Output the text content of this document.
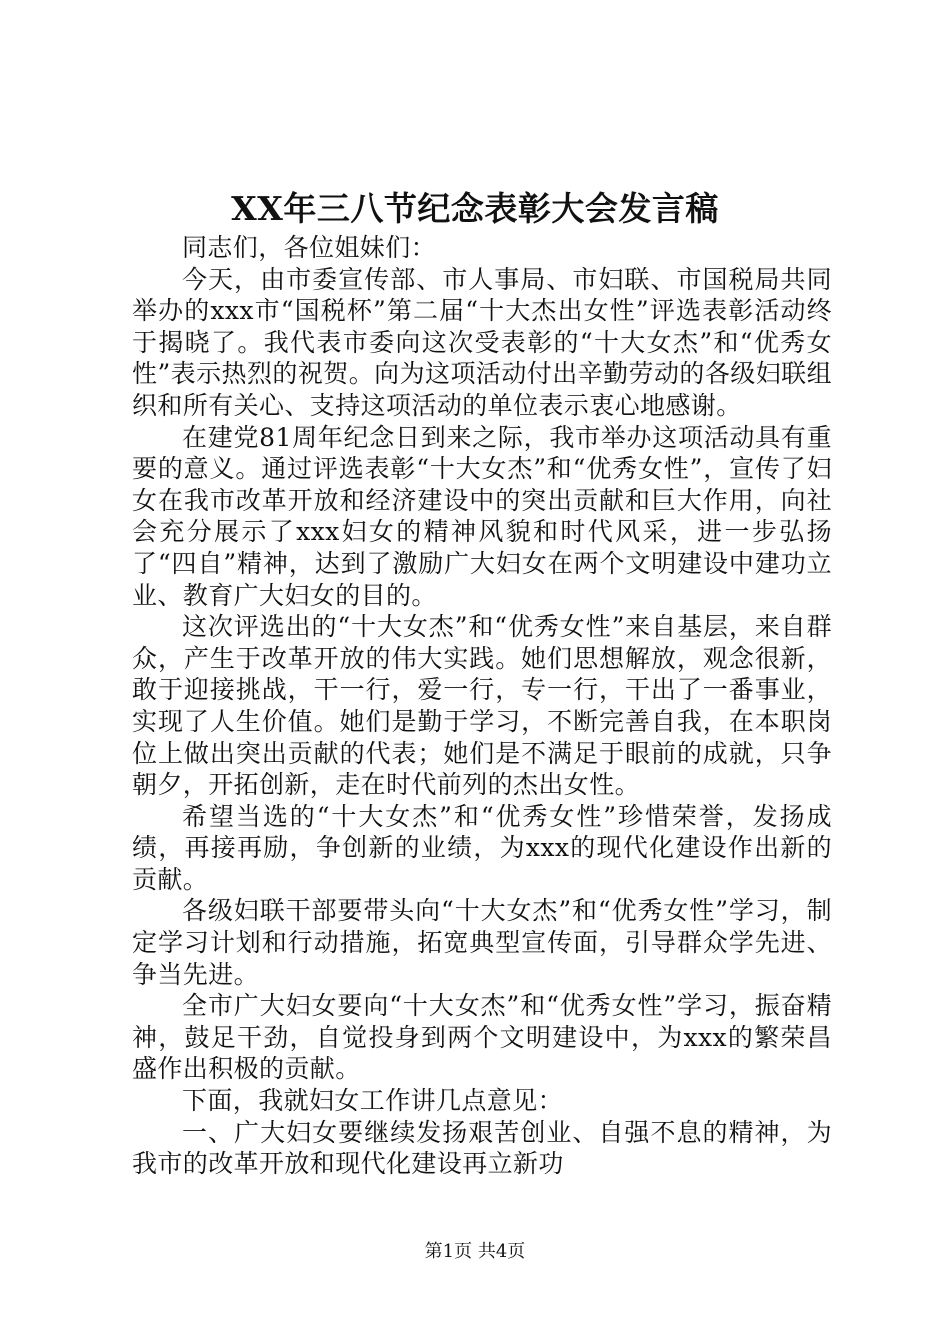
XX年三八节纪念表彰大会发言稿

同志们，各位姐妹们：

今天，由市委宣传部、市人事局、市妇联、市国税局共同举办的xxx市“国税杯”第二届“十大杰出女性”评选表彰活动终于揭晓了。我代表市委向这次受表彰的“十大女杰”和“优秀女性”表示热烈的祝贺。向为这项活动付出辛勤劳动的各级妇联组织和所有关心、支持这项活动的单位表示衷心地感谢。

在建党81周年纪念日到来之际，我市举办这项活动具有重要的意义。通过评选表彰“十大女杰”和“优秀女性”，宣传了妇女在我市改革开放和经济建设中的突出贡献和巨大作用，向社会充分展示了xxx妇女的精神风貌和时代风采，进一步弘扬了“四自”精神，达到了激励广大妇女在两个文明建设中建功立业、教育广大妇女的目的。

这次评选出的“十大女杰”和“优秀女性”来自基层，来自群众，产生于改革开放的伟大实践。她们思想解放，观念很新，敢于迎接挑战，干一行，爱一行，专一行，干出了一番事业，实现了人生价值。她们是勤于学习，不断完善自我，在本职岗位上做出突出贡献的代表；她们是不满足于眼前的成就，只争朝夕，开拓创新，走在时代前列的杰出女性。

希望当选的“十大女杰”和“优秀女性”珍惜荣誉，发扬成绩，再接再励，争创新的业绩，为xxx的现代化建设作出新的贡献。

各级妇联干部要带头向“十大女杰”和“优秀女性”学习，制定学习计划和行动措施，拓宽典型宣传面，引导群众学先进、争当先进。

全市广大妇女要向“十大女杰”和“优秀女性”学习，振奋精神，鼓足干劲，自觉投身到两个文明建设中，为xxx的繁荣昌盛作出积极的贡献。

下面，我就妇女工作讲几点意见：

一、广大妇女要继续发扬艰苦创业、自强不息的精神，为我市的改革开放和现代化建设再立新功

第1页 共4页
